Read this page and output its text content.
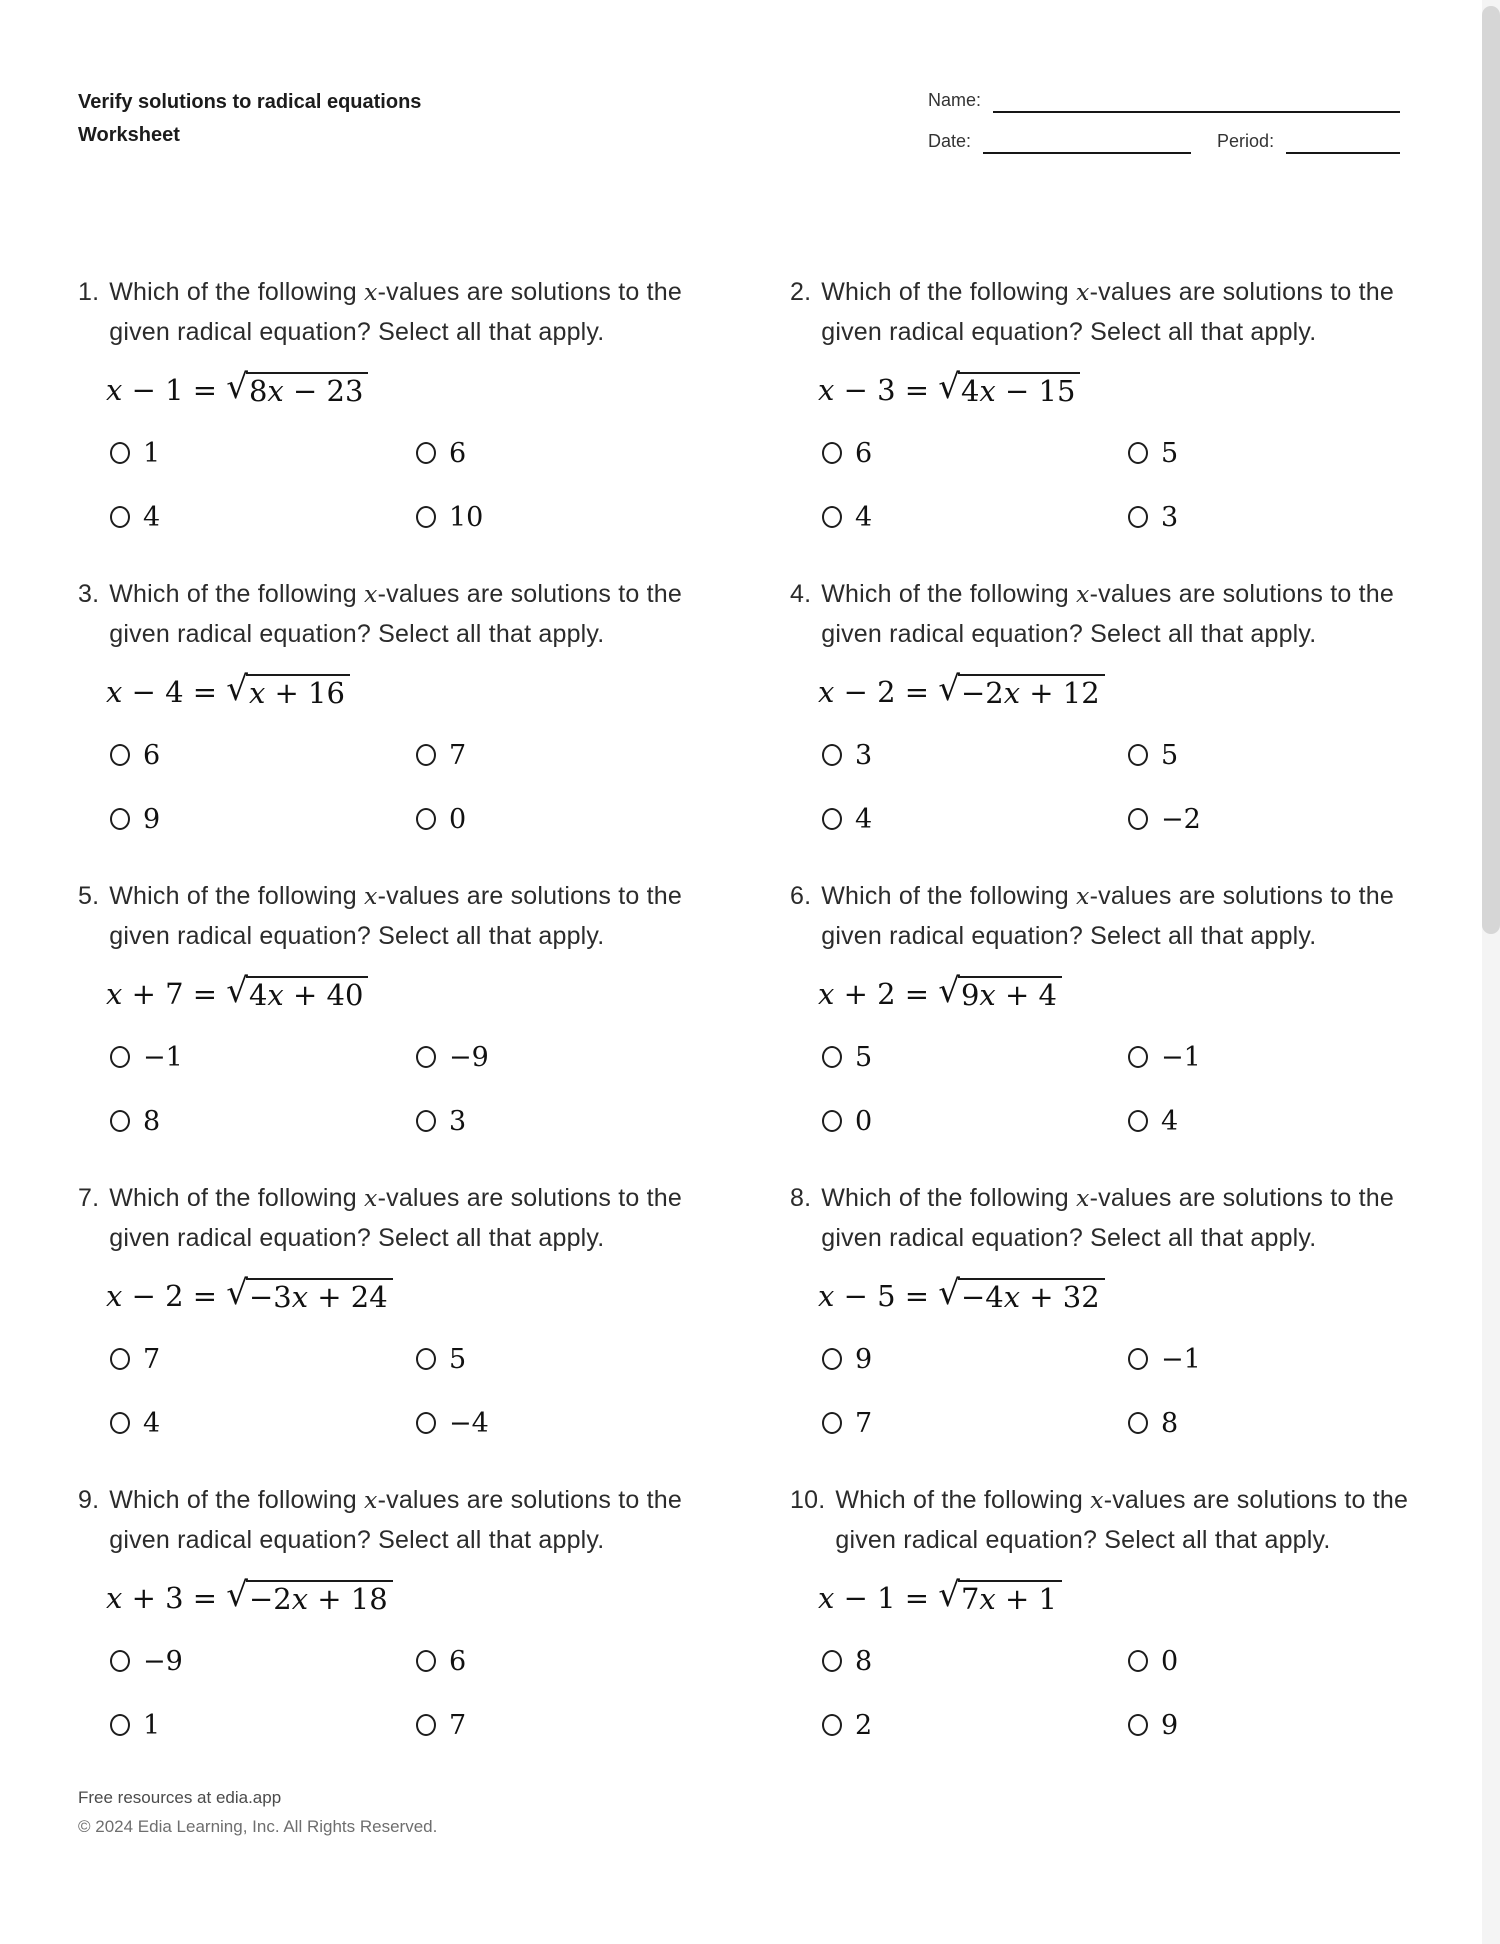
Verify solutions to radical equations
Worksheet
Name:
Date:	Period:
1. Which of the following x-values are solutions to the given radical equation? Select all that apply.
x − 1 = √ 8x − 23
1	6
4	10
2. Which of the following x-values are solutions to the given radical equation? Select all that apply.
x − 3 = √ 4x − 15
6	5
4	3
3. Which of the following x-values are solutions to the given radical equation? Select all that apply.
x − 4 = √ x + 16
6	7
9	0
4. Which of the following x-values are solutions to the given radical equation? Select all that apply.
x − 2 = √ −2x + 12
3	5
4	−2
5. Which of the following x-values are solutions to the given radical equation? Select all that apply.
x + 7 = √ 4x + 40
−1	−9
8	3
6. Which of the following x-values are solutions to the given radical equation? Select all that apply.
x + 2 = √ 9x + 4
5	−1
0	4
7. Which of the following x-values are solutions to the given radical equation? Select all that apply.
x − 2 = √ −3x + 24
7	5
4	−4
8. Which of the following x-values are solutions to the given radical equation? Select all that apply.
x − 5 = √ −4x + 32
9	−1
7	8
9. Which of the following x-values are solutions to the given radical equation? Select all that apply.
x + 3 = √ −2x + 18
−9	6
1	7
10. Which of the following x-values are solutions to the given radical equation? Select all that apply.
x − 1 = √ 7x + 1
8	0
2	9
Free resources at edia.app
© 2024 Edia Learning, Inc. All Rights Reserved.
